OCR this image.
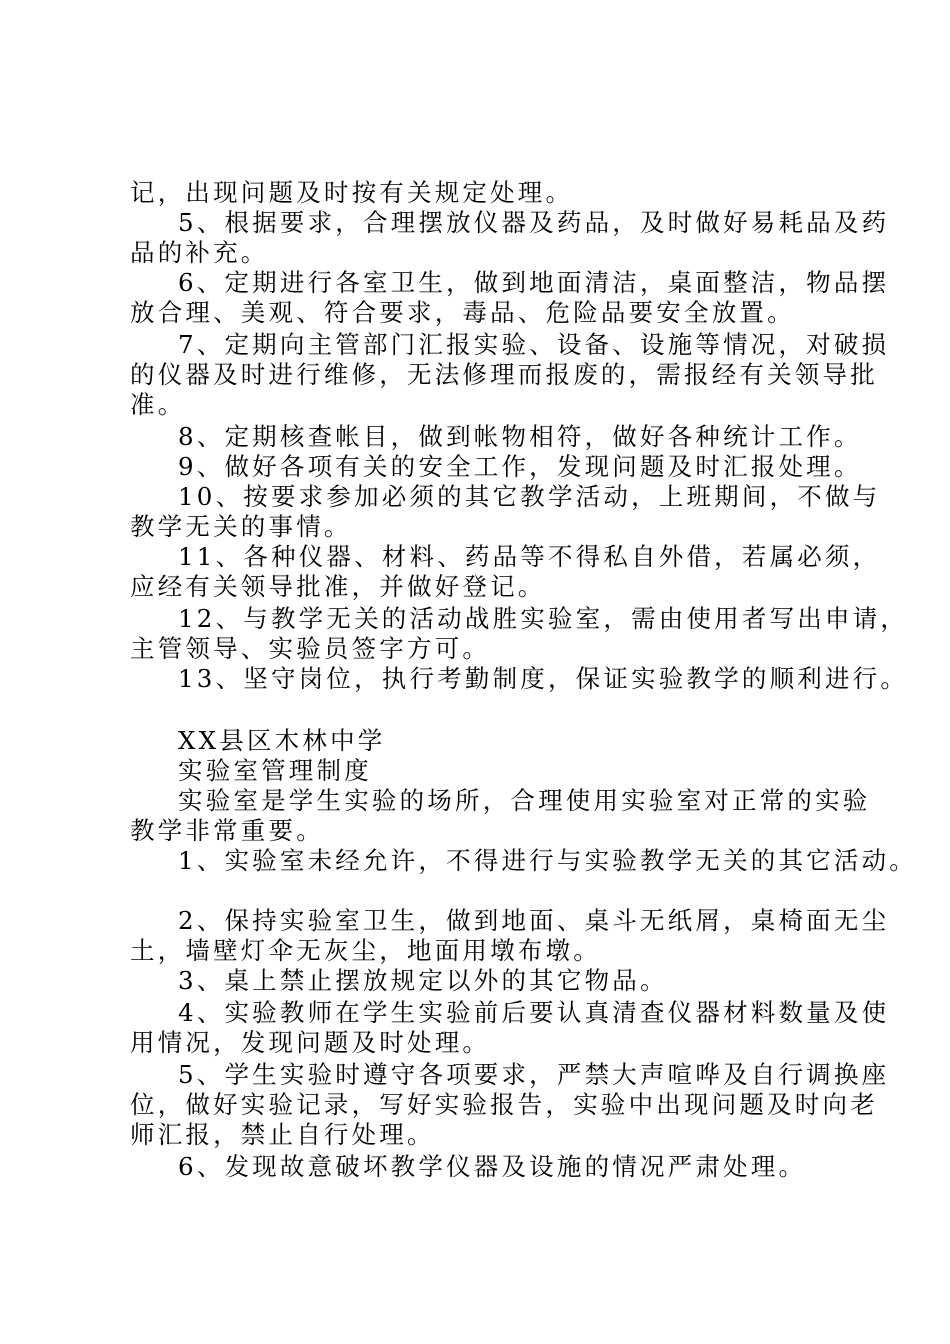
记，出现问题及时按有关规定处理。
5、根据要求，合理摆放仪器及药品，及时做好易耗品及药
品的补充。
6、定期进行各室卫生，做到地面清洁，桌面整洁，物品摆
放合理、美观、符合要求，毒品、危险品要安全放置。
7、定期向主管部门汇报实验、设备、设施等情况，对破损
的仪器及时进行维修，无法修理而报废的，需报经有关领导批
准。
8、定期核查帐目，做到帐物相符，做好各种统计工作。
9、做好各项有关的安全工作，发现问题及时汇报处理。
10、按要求参加必须的其它教学活动，上班期间，不做与
教学无关的事情。
11、各种仪器、材料、药品等不得私自外借，若属必须，
应经有关领导批准，并做好登记。
12、与教学无关的活动战胜实验室，需由使用者写出申请，
主管领导、实验员签字方可。
13、坚守岗位，执行考勤制度，保证实验教学的顺利进行。
XX县区木林中学
实验室管理制度
实验室是学生实验的场所，合理使用实验室对正常的实验
教学非常重要。
1、实验室未经允许，不得进行与实验教学无关的其它活动。
2、保持实验室卫生，做到地面、桌斗无纸屑，桌椅面无尘
土，墙壁灯伞无灰尘，地面用墩布墩。
3、桌上禁止摆放规定以外的其它物品。
4、实验教师在学生实验前后要认真清查仪器材料数量及使
用情况，发现问题及时处理。
5、学生实验时遵守各项要求，严禁大声喧哗及自行调换座
位，做好实验记录，写好实验报告，实验中出现问题及时向老
师汇报，禁止自行处理。
6、发现故意破坏教学仪器及设施的情况严肃处理。
